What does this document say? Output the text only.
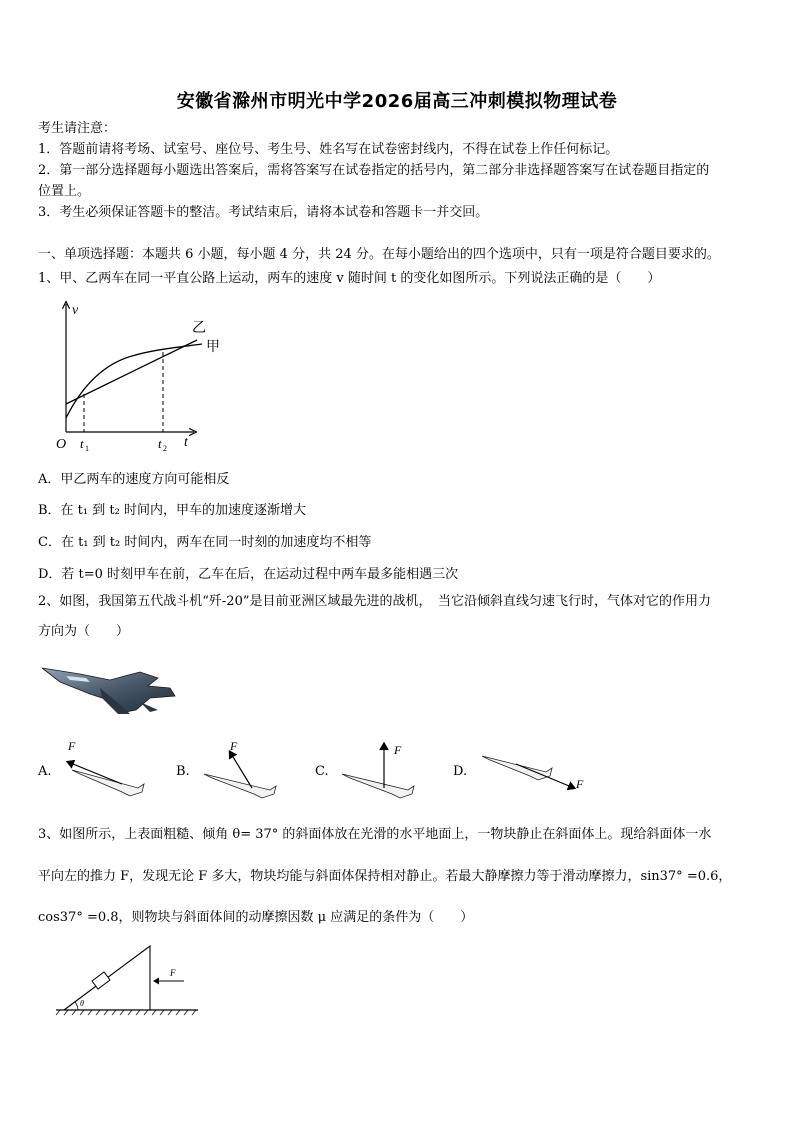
安徽省滁州市明光中学2026届高三冲刺模拟物理试卷
考生请注意：
1．答题前请将考场、试室号、座位号、考生号、姓名写在试卷密封线内，不得在试卷上作任何标记。
2．第一部分选择题每小题选出答案后，需将答案写在试卷指定的括号内，第二部分非选择题答案写在试卷题目指定的
位置上。
3．考生必须保证答题卡的整洁。考试结束后，请将本试卷和答题卡一并交回。
一、单项选择题：本题共 6 小题，每小题 4 分，共 24 分。在每小题给出的四个选项中，只有一项是符合题目要求的。
1、甲、乙两车在同一平直公路上运动，两车的速度 v 随时间 t 的变化如图所示。下列说法正确的是（　　）
v
t
O t 1	t 2
乙
甲
A．甲乙两车的速度方向可能相反
B．在 t₁ 到 t₂ 时间内，甲车的加速度逐渐增大
C．在 t₁ 到 t₂ 时间内，两车在同一时刻的加速度均不相等
D．若 t=0 时刻甲车在前，乙车在后，在运动过程中两车最多能相遇三次
2、如图，我国第五代战斗机“歼-20”是目前亚洲区域最先进的战机，　当它沿倾斜直线匀速飞行时，气体对它的作用力
方向为（　　）
A.
F
B.
F
C.
F
D.
F
3、如图所示，上表面粗糙、倾角 θ= 37° 的斜面体放在光滑的水平地面上，一物块静止在斜面体上。现给斜面体一水
平向左的推力 F，发现无论 F 多大，物块均能与斜面体保持相对静止。若最大静摩擦力等于滑动摩擦力，sin37° =0.6，
cos37° =0.8，则物块与斜面体间的动摩擦因数 μ 应满足的条件为（　　）
F
θ
